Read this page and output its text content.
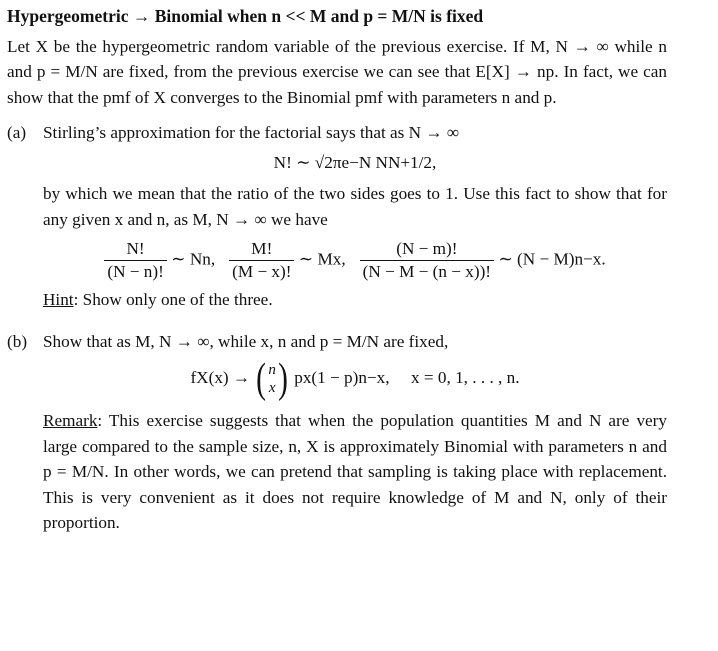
Hypergeometric → Binomial when n << M and p = M/N is fixed

Let X be the hypergeometric random variable of the previous exercise. If M, N → ∞ while n and p = M/N are fixed, from the previous exercise we can see that E[X] → np. In fact, we can show that the pmf of X converges to the Binomial pmf with parameters n and p.

(a) Stirling’s approximation for the factorial says that as N → ∞

N! ∼ √2πe−N NN+1/2,

by which we mean that the ratio of the two sides goes to 1. Use this fact to show that for any given x and n, as M, N → ∞ we have

$\frac{N!}{(N - n)!}$ ∼ Nn, $\frac{M!}{(M - x)!}$ ∼ Mx, $\frac{(N - m)!}{(N - M - (n - x))!}$ ∼ (N − M)n−x.

Hint: Show only one of the three.

(b) Show that as M, N → ∞, while x, n and p = M/N are fixed,

fX(x) → ( n
x ) px(1 − p)n−x, x = 0, 1, . . . , n.

Remark: This exercise suggests that when the population quantities M and N are very large compared to the sample size, n, X is approximately Binomial with parameters n and p = M/N. In other words, we can pretend that sampling is taking place with replacement. This is very convenient as it does not require knowledge of M and N, only of their proportion.
